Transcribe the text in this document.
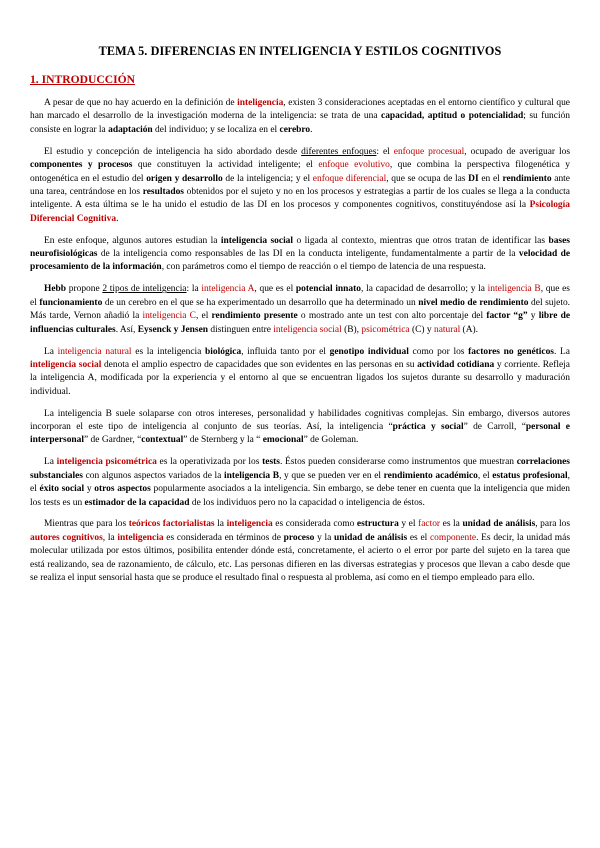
TEMA 5. DIFERENCIAS EN INTELIGENCIA Y ESTILOS COGNITIVOS
1. INTRODUCCIÓN

A pesar de que no hay acuerdo en la definición de inteligencia, existen 3 consideraciones aceptadas en el entorno científico y cultural que han marcado el desarrollo de la investigación moderna de la inteligencia: se trata de una capacidad, aptitud o potencialidad; su función consiste en lograr la adaptación del individuo; y se localiza en el cerebro.

El estudio y concepción de inteligencia ha sido abordado desde diferentes enfoques: el enfoque procesual, ocupado de averiguar los componentes y procesos que constituyen la actividad inteligente; el enfoque evolutivo, que combina la perspectiva filogenética y ontogenética en el estudio del origen y desarrollo de la inteligencia; y el enfoque diferencial, que se ocupa de las DI en el rendimiento ante una tarea, centrándose en los resultados obtenidos por el sujeto y no en los procesos y estrategias a partir de los cuales se llega a la conducta inteligente. A esta última se le ha unido el estudio de las DI en los procesos y componentes cognitivos, constituyéndose así la Psicología Diferencial Cognitiva.

En este enfoque, algunos autores estudian la inteligencia social o ligada al contexto, mientras que otros tratan de identificar las bases neurofisiológicas de la inteligencia como responsables de las DI en la conducta inteligente, fundamentalmente a partir de la velocidad de procesamiento de la información, con parámetros como el tiempo de reacción o el tiempo de latencia de una respuesta.

Hebb propone 2 tipos de inteligencia: la inteligencia A, que es el potencial innato, la capacidad de desarrollo; y la inteligencia B, que es el funcionamiento de un cerebro en el que se ha experimentado un desarrollo que ha determinado un nivel medio de rendimiento del sujeto. Más tarde, Vernon añadió la inteligencia C, el rendimiento presente o mostrado ante un test con alto porcentaje del factor “g” y libre de influencias culturales. Así, Eysenck y Jensen distinguen entre inteligencia social (B), psicométrica (C) y natural (A).

La inteligencia natural es la inteligencia biológica, influida tanto por el genotipo individual como por los factores no genéticos. La inteligencia social denota el amplio espectro de capacidades que son evidentes en las personas en su actividad cotidiana y corriente. Refleja la inteligencia A, modificada por la experiencia y el entorno al que se encuentran ligados los sujetos durante su desarrollo y maduración individual.

La inteligencia B suele solaparse con otros intereses, personalidad y habilidades cognitivas complejas. Sin embargo, diversos autores incorporan el este tipo de inteligencia al conjunto de sus teorías. Así, la inteligencia “práctica y social” de Carroll, “personal e interpersonal” de Gardner, “contextual” de Sternberg y la “ emocional” de Goleman.

La inteligencia psicométrica es la operativizada por los tests. Éstos pueden considerarse como instrumentos que muestran correlaciones substanciales con algunos aspectos variados de la inteligencia B, y que se pueden ver en el rendimiento académico, el estatus profesional, el éxito social y otros aspectos popularmente asociados a la inteligencia. Sin embargo, se debe tener en cuenta que la inteligencia que miden los tests es un estimador de la capacidad de los individuos pero no la capacidad o inteligencia de éstos.

Mientras que para los teóricos factorialistas la inteligencia es considerada como estructura y el factor es la unidad de análisis, para los autores cognitivos, la inteligencia es considerada en términos de proceso y la unidad de análisis es el componente. Es decir, la unidad más molecular utilizada por estos últimos, posibilita entender dónde está, concretamente, el acierto o el error por parte del sujeto en la tarea que está realizando, sea de razonamiento, de cálculo, etc. Las personas difieren en las diversas estrategias y procesos que llevan a cabo desde que se realiza el input sensorial hasta que se produce el resultado final o respuesta al problema, así como en el tiempo empleado para ello.
